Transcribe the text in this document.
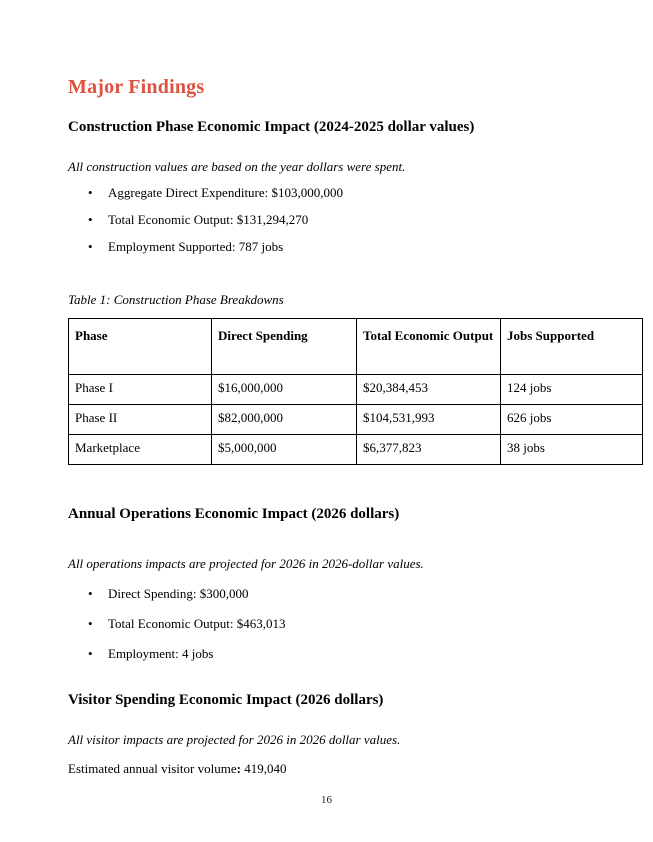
Major Findings
Construction Phase Economic Impact (2024-2025 dollar values)
All construction values are based on the year dollars were spent.
• Aggregate Direct Expenditure: $103,000,000
• Total Economic Output: $131,294,270
• Employment Supported: 787 jobs
Table 1: Construction Phase Breakdowns
Phase	Direct Spending	Total Economic Output	Jobs Supported
Phase I	$16,000,000	$20,384,453	124 jobs
Phase II	$82,000,000	$104,531,993	626 jobs
Marketplace	$5,000,000	$6,377,823	38 jobs
Annual Operations Economic Impact (2026 dollars)
All operations impacts are projected for 2026 in 2026-dollar values.
• Direct Spending: $300,000
• Total Economic Output: $463,013
• Employment: 4 jobs
Visitor Spending Economic Impact (2026 dollars)
All visitor impacts are projected for 2026 in 2026 dollar values.
Estimated annual visitor volume: 419,040
16
